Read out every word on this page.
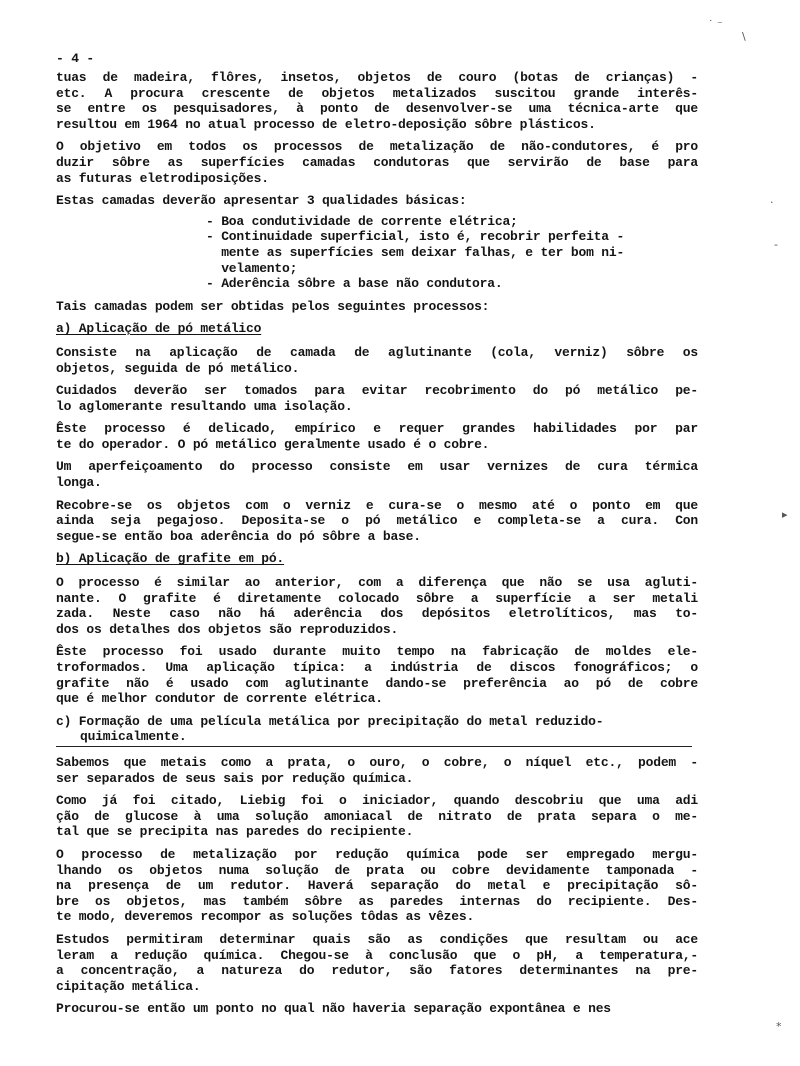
˙ ⁻
\
·
-
▸
*
- 4 -
tuas de madeira, flôres, insetos, objetos de couro (botas de crianças) -
etc. A procura crescente de objetos metalizados suscitou grande interês-
se entre os pesquisadores, à ponto de desenvolver-se uma técnica-arte que
resultou em 1964 no atual processo de eletro-deposição sôbre plásticos.
O objetivo em todos os processos de metalização de não-condutores, é pro
duzir sôbre as superfícies camadas condutoras que servirão de base para
as futuras eletrodiposições.
Estas camadas deverão apresentar 3 qualidades básicas:
- Boa condutividade de corrente elétrica;
- Continuidade superficial, isto é, recobrir perfeita -
mente as superfícies sem deixar falhas, e ter bom ni-
velamento;
- Aderência sôbre a base não condutora.
Tais camadas podem ser obtidas pelos seguintes processos:
a) Aplicação de pó metálico
Consiste na aplicação de camada de aglutinante (cola, verniz) sôbre os
objetos, seguida de pó metálico.
Cuidados deverão ser tomados para evitar recobrimento do pó metálico pe-
lo aglomerante resultando uma isolação.
Êste processo é delicado, empírico e requer grandes habilidades por par
te do operador. O pó metálico geralmente usado é o cobre.
Um aperfeiçoamento do processo consiste em usar vernizes de cura térmica
longa.
Recobre-se os objetos com o verniz e cura-se o mesmo até o ponto em que
ainda seja pegajoso. Deposita-se o pó metálico e completa-se a cura. Con
segue-se então boa aderência do pó sôbre a base.
b) Aplicação de grafite em pó.
O processo é similar ao anterior, com a diferença que não se usa agluti-
nante. O grafite é diretamente colocado sôbre a superfície a ser metali
zada. Neste caso não há aderência dos depósitos eletrolíticos, mas to-
dos os detalhes dos objetos são reproduzidos.
Êste processo foi usado durante muito tempo na fabricação de moldes ele-
troformados. Uma aplicação típica: a indústria de discos fonográficos; o
grafite não é usado com aglutinante dando-se preferência ao pó de cobre
que é melhor condutor de corrente elétrica.
c) Formação de uma película metálica por precipitação do metal reduzido-
quimicalmente.
Sabemos que metais como a prata, o ouro, o cobre, o níquel etc., podem -
ser separados de seus sais por redução química.
Como já foi citado, Liebig foi o iniciador, quando descobriu que uma adi
ção de glucose à uma solução amoniacal de nitrato de prata separa o me-
tal que se precipita nas paredes do recipiente.
O processo de metalização por redução química pode ser empregado mergu-
lhando os objetos numa solução de prata ou cobre devidamente tamponada -
na presença de um redutor. Haverá separação do metal e precipitação sô-
bre os objetos, mas também sôbre as paredes internas do recipiente. Des-
te modo, deveremos recompor as soluções tôdas as vêzes.
Estudos permitiram determinar quais são as condições que resultam ou ace
leram a redução química. Chegou-se à conclusão que o pH, a temperatura,-
a concentração, a natureza do redutor, são fatores determinantes na pre-
cipitação metálica.
Procurou-se então um ponto no qual não haveria separação expontânea e nes
